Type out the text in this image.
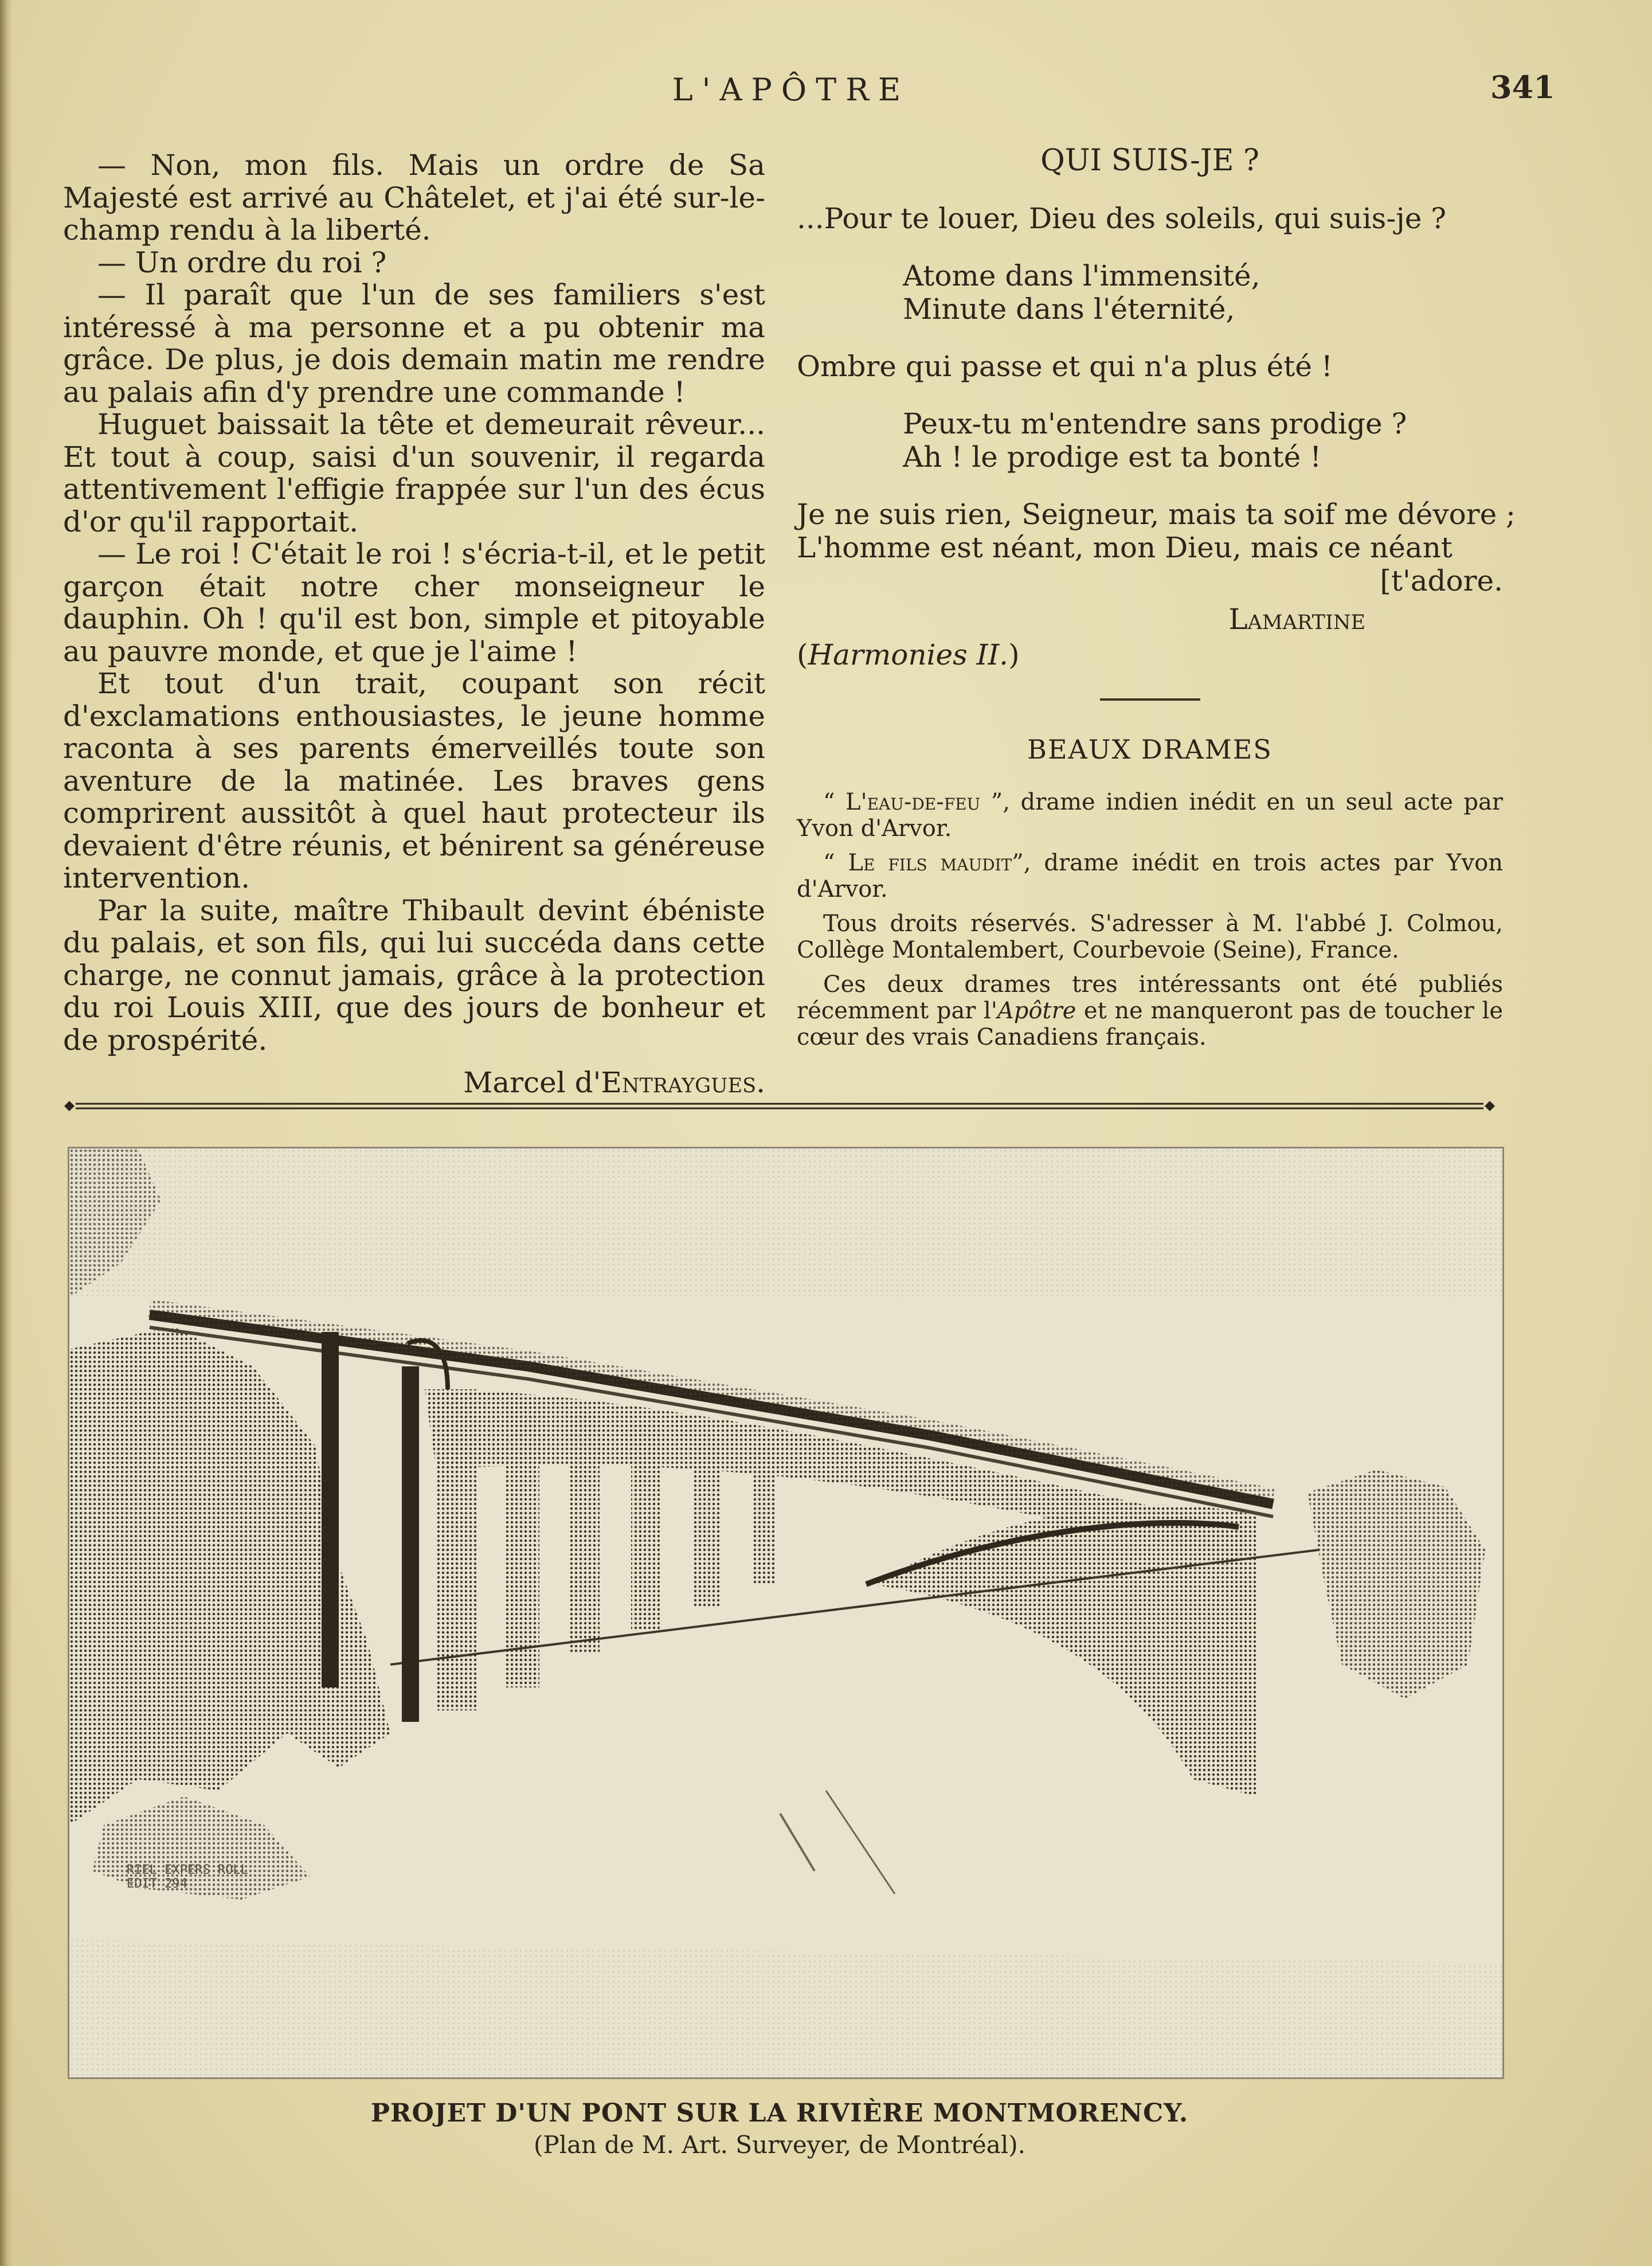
L'APÔTRE	341

— Non, mon fils. Mais un ordre de Sa Majesté est arrivé au Châtelet, et j'ai été sur-le-champ rendu à la liberté.

— Un ordre du roi ?

— Il paraît que l'un de ses familiers s'est intéressé à ma personne et a pu obtenir ma grâce. De plus, je dois demain matin me rendre au palais afin d'y prendre une commande !

Huguet baissait la tête et demeurait rêveur... Et tout à coup, saisi d'un souvenir, il regarda attentivement l'effigie frappée sur l'un des écus d'or qu'il rapportait.

— Le roi ! C'était le roi ! s'écria-t-il, et le petit garçon était notre cher monseigneur le dauphin. Oh ! qu'il est bon, simple et pitoyable au pauvre monde, et que je l'aime !

Et tout d'un trait, coupant son récit d'exclamations enthousiastes, le jeune homme raconta à ses parents émerveillés toute son aventure de la matinée. Les braves gens comprirent aussitôt à quel haut protecteur ils devaient d'être réunis, et bénirent sa généreuse intervention.

Par la suite, maître Thibault devint ébéniste du palais, et son fils, qui lui succéda dans cette charge, ne connut jamais, grâce à la protection du roi Louis XIII, que des jours de bonheur et de prospérité.

Marcel d'Entraygues.

QUI SUIS-JE ?
...Pour te louer, Dieu des soleils, qui suis-je ?
Atome dans l'immensité,
Minute dans l'éternité,
Ombre qui passe et qui n'a plus été !
Peux-tu m'entendre sans prodige ?
Ah ! le prodige est ta bonté !
Je ne suis rien, Seigneur, mais ta soif me dévore ;
L'homme est néant, mon Dieu, mais ce néant
[t'adore.
Lamartine
(Harmonies II.)
BEAUX DRAMES

“ L'eau-de-feu ”, drame indien inédit en un seul acte par Yvon d'Arvor.

“ Le fils maudit”, drame inédit en trois actes par Yvon d'Arvor.

Tous droits réservés. S'adresser à M. l'abbé J. Colmou, Collège Montalembert, Courbevoie (Seine), France.

Ces deux drames tres intéressants ont été publiés récemment par l'Apôtre et ne manqueront pas de toucher le cœur des vrais Canadiens français.

RIEL EXPERS ROLL
EDIT 294
PROJET D'UN PONT SUR LA RIVIÈRE MONTMORENCY.
(Plan de M. Art. Surveyer, de Montréal).
